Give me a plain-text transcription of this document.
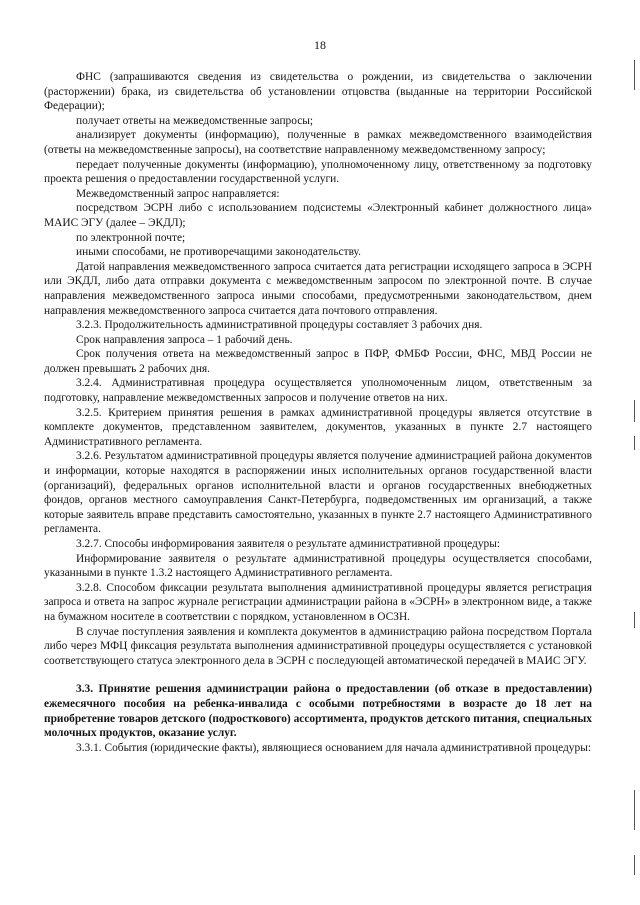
18

ФНС (запрашиваются сведения из свидетельства о рождении, из свидетельства о заключении (расторжении) брака, из свидетельства об установлении отцовства (выданные на территории Российской Федерации);

получает ответы на межведомственные запросы;

анализирует документы (информацию), полученные в рамках межведомственного взаимодействия (ответы на межведомственные запросы), на соответствие направленному межведомственному запросу;

передает полученные документы (информацию), уполномоченному лицу, ответственному за подготовку проекта решения о предоставлении государственной услуги.

Межведомственный запрос направляется:

посредством ЭСРН либо с использованием подсистемы «Электронный кабинет должностного лица» МАИС ЭГУ (далее – ЭКДЛ);

по электронной почте;

иными способами, не противоречащими законодательству.

Датой направления межведомственного запроса считается дата регистрации исходящего запроса в ЭСРН или ЭКДЛ, либо дата отправки документа с межведомственным запросом по электронной почте. В случае направления межведомственного запроса иными способами, предусмотренными законодательством, днем направления межведомственного запроса считается дата почтового отправления.

3.2.3. Продолжительность административной процедуры составляет 3 рабочих дня.

Срок направления запроса – 1 рабочий день.

Срок получения ответа на межведомственный запрос в ПФР, ФМБФ России, ФНС, МВД России не должен превышать 2 рабочих дня.

3.2.4. Административная процедура осуществляется уполномоченным лицом, ответственным за подготовку, направление межведомственных запросов и получение ответов на них.

3.2.5. Критерием принятия решения в рамках административной процедуры является отсутствие в комплекте документов, представленном заявителем, документов, указанных в пункте 2.7 настоящего Административного регламента.

3.2.6. Результатом административной процедуры является получение администрацией района документов и информации, которые находятся в распоряжении иных исполнительных органов государственной власти (организаций), федеральных органов исполнительной власти и органов государственных внебюджетных фондов, органов местного самоуправления Санкт-Петербурга, подведомственных им организаций, а также которые заявитель вправе представить самостоятельно, указанных в пункте 2.7 настоящего Административного регламента.

3.2.7. Способы информирования заявителя о результате административной процедуры:

Информирование заявителя о результате административной процедуры осуществляется способами, указанными в пункте 1.3.2 настоящего Административного регламента.

3.2.8. Способом фиксации результата выполнения административной процедуры является регистрация запроса и ответа на запрос журнале регистрации администрации района в «ЭСРН» в электронном виде, а также на бумажном носителе в соответствии с порядком, установленном в ОСЗН.

В случае поступления заявления и комплекта документов в администрацию района посредством Портала либо через МФЦ фиксация результата выполнения административной процедуры осуществляется с установкой соответствующего статуса электронного дела в ЭСРН с последующей автоматической передачей в МАИС ЭГУ.

3.3. Принятие решения администрации района о предоставлении (об отказе в предоставлении) ежемесячного пособия на ребенка-инвалида с особыми потребностями в возрасте до 18 лет на приобретение товаров детского (подросткового) ассортимента, продуктов детского питания, специальных молочных продуктов, оказание услуг.

3.3.1. События (юридические факты), являющиеся основанием для начала административной процедуры:
